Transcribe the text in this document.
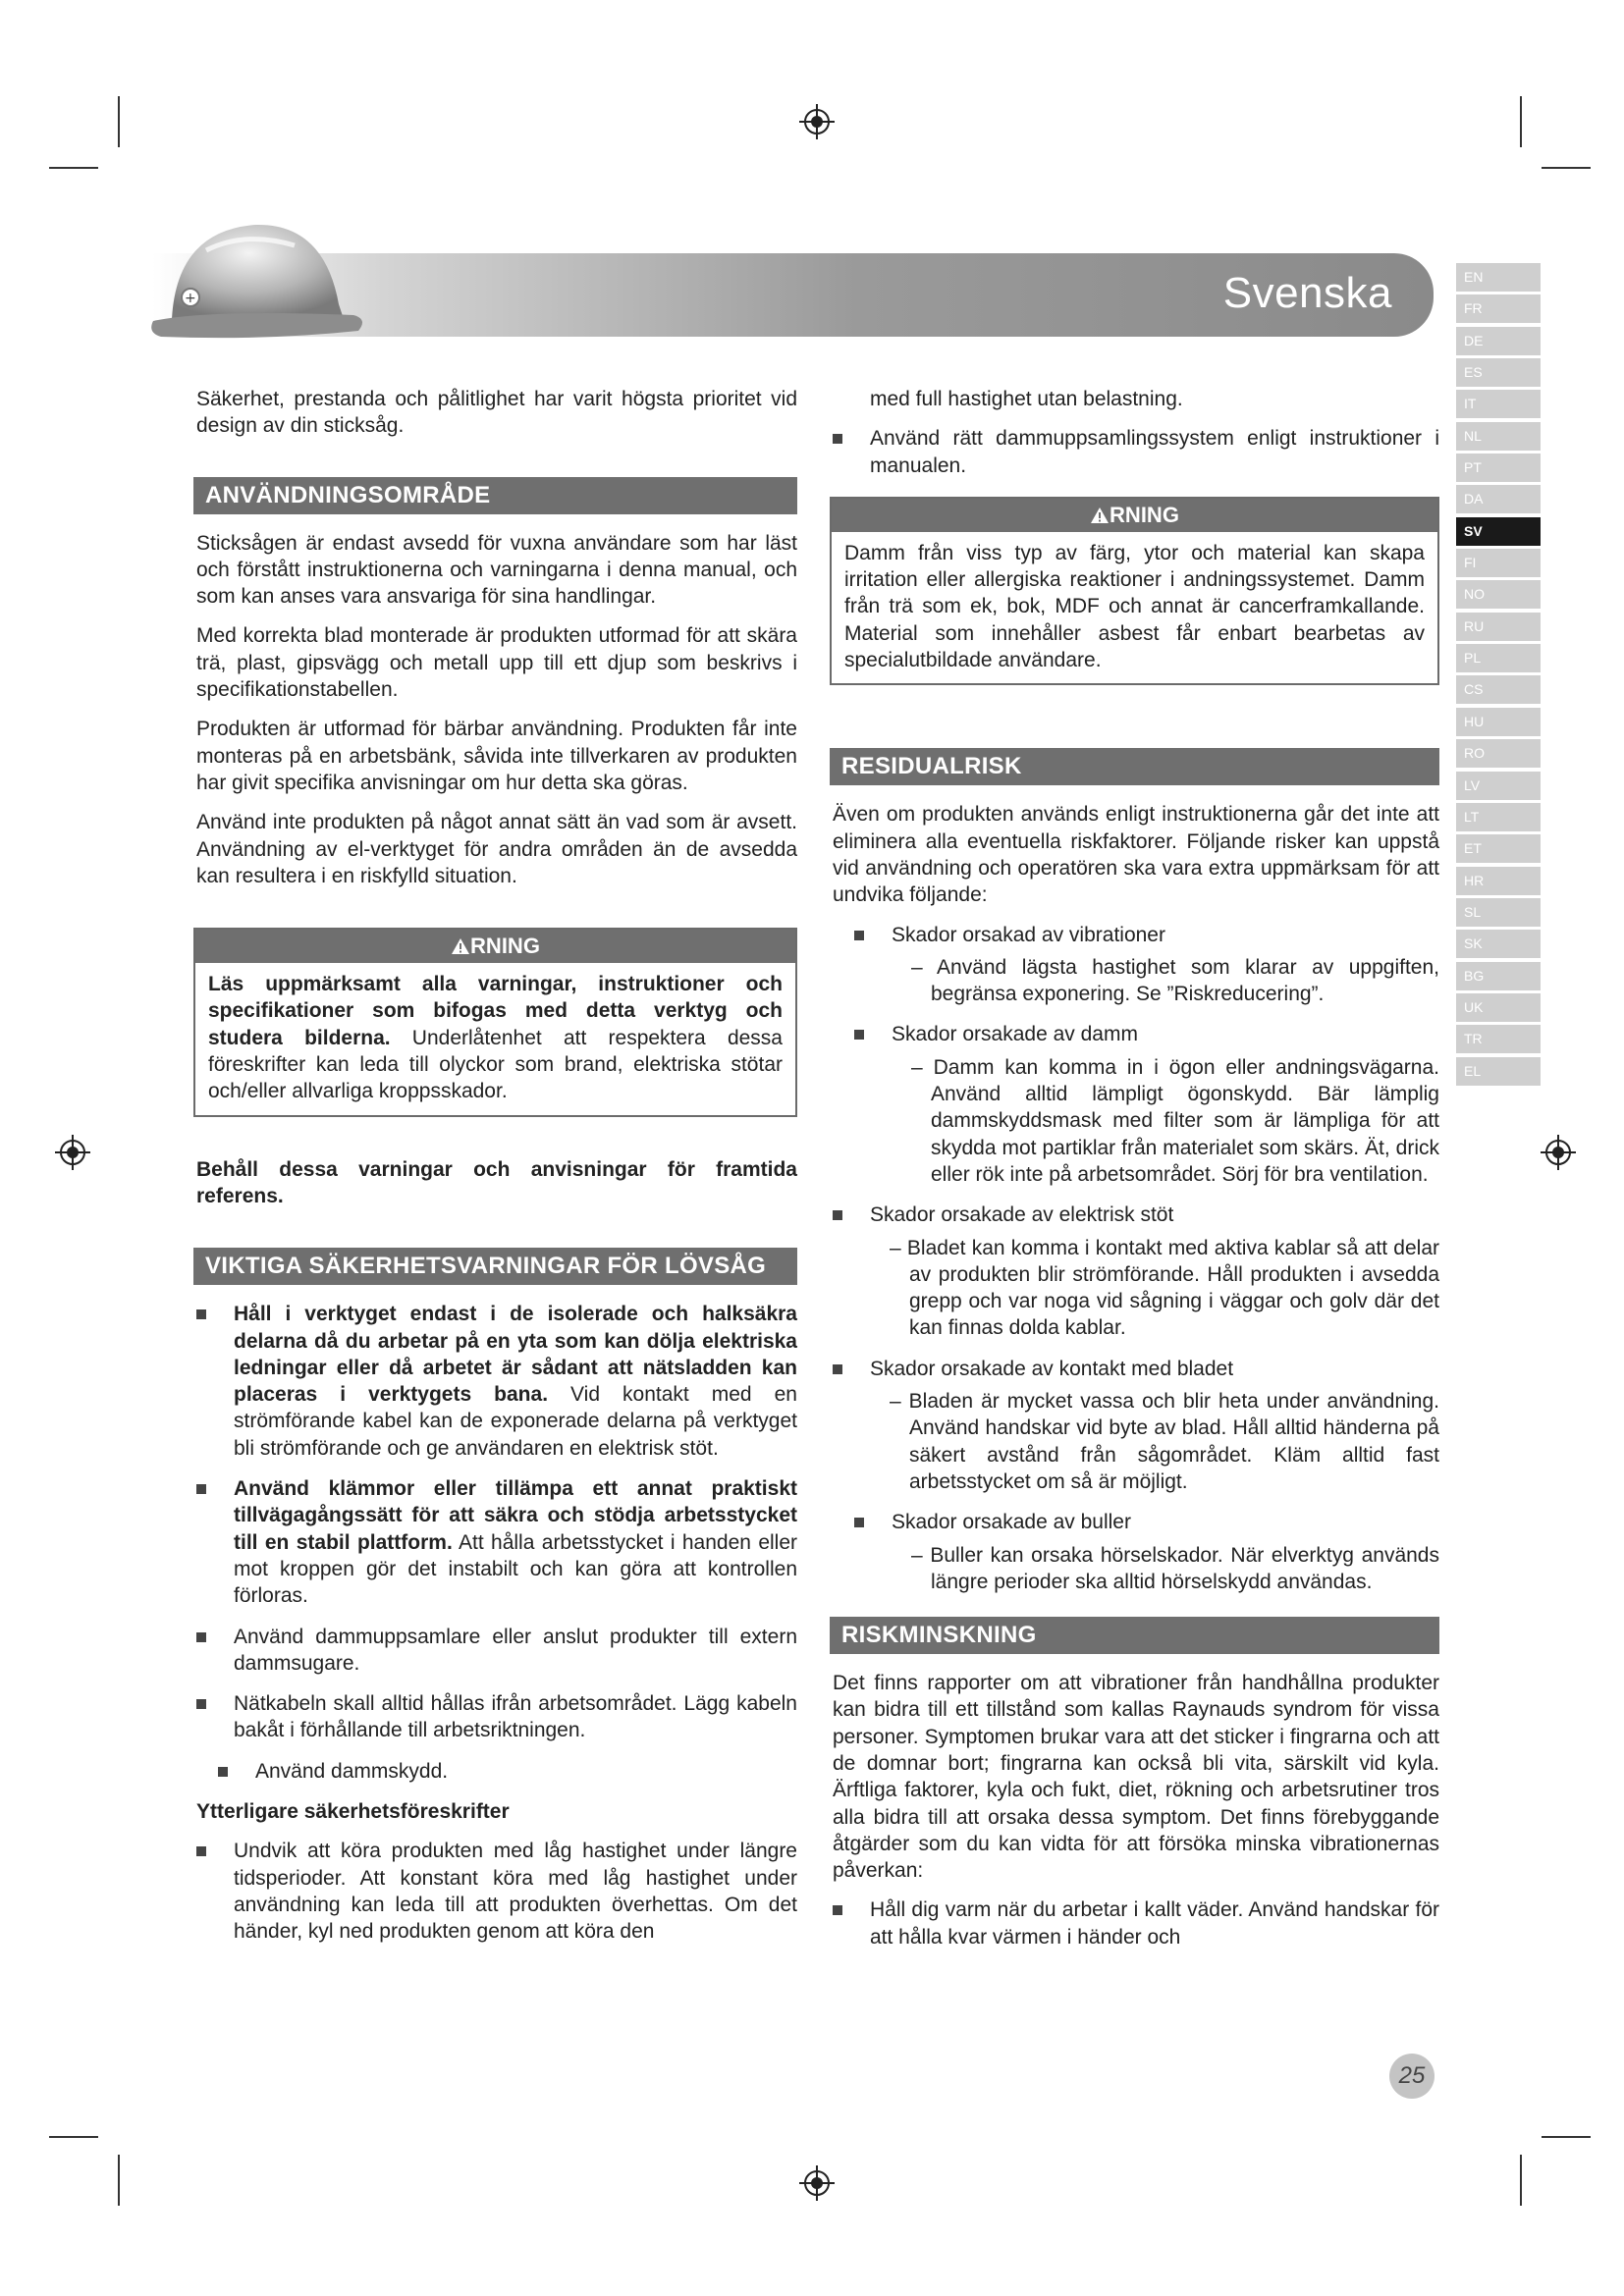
Svenska
+
EN
FR
DE
ES
IT
NL
PT
DA
SV
FI
NO
RU
PL
CS
HU
RO
LV
LT
ET
HR
SL
SK
BG
UK
TR
EL

Säkerhet, prestanda och pålitlighet har varit högsta prioritet vid design av din sticksåg.

ANVÄNDNINGSOMRÅDE

Sticksågen är endast avsedd för vuxna användare som har läst och förstått instruktionerna och varningarna i denna manual, och som kan anses vara ansvariga för sina handlingar.

Med korrekta blad monterade är produkten utformad för att skära trä, plast, gipsvägg och metall upp till ett djup som beskrivs i specifikationstabellen.

Produkten är utformad för bärbar användning. Produkten får inte monteras på en arbetsbänk, såvida inte tillverkaren av produkten har givit specifika anvisningar om hur detta ska göras.

Använd inte produkten på något annat sätt än vad som är avsett. Användning av el-verktyget för andra områden än de avsedda kan resultera i en riskfylld situation.

RNING
Läs uppmärksamt alla varningar, instruktioner och specifikationer som bifogas med detta verktyg och studera bilderna. Underlåtenhet att respektera dessa föreskrifter kan leda till olyckor som brand, elektriska stötar och/eller allvarliga kroppsskador.

Behåll dessa varningar och anvisningar för framtida referens.

VIKTIGA SÄKERHETSVARNINGAR FÖR LÖVSÅG
Håll i verktyget endast i de isolerade och halksäkra delarna då du arbetar på en yta som kan dölja elektriska ledningar eller då arbetet är sådant att nätsladden kan placeras i verktygets bana. Vid kontakt med en strömförande kabel kan de exponerade delarna på verktyget bli strömförande och ge användaren en elektrisk stöt.
Använd klämmor eller tillämpa ett annat praktiskt tillvägagångssätt för att säkra och stödja arbetsstycket till en stabil plattform. Att hålla arbetsstycket i handen eller mot kroppen gör det instabilt och kan göra att kontrollen förloras.
Använd dammuppsamlare eller anslut produkter till extern dammsugare.
Nätkabeln skall alltid hållas ifrån arbetsområdet. Lägg kabeln bakåt i förhållande till arbetsriktningen.
Använd dammskydd.

Ytterligare säkerhetsföreskrifter

Undvik att köra produkten med låg hastighet under längre tidsperioder. Att konstant köra med låg hastighet under användning kan leda till att produkten överhettas. Om det händer, kyl ned produkten genom att köra den

med full hastighet utan belastning.

Använd rätt dammuppsamlingssystem enligt instruktioner i manualen.
RNING
Damm från viss typ av färg, ytor och material kan skapa irritation eller allergiska reaktioner i andningssystemet. Damm från trä som ek, bok, MDF och annat är cancerframkallande. Material som innehåller asbest får enbart bearbetas av specialutbildade användare.
RESIDUALRISK

Även om produkten används enligt instruktionerna går det inte att eliminera alla eventuella riskfaktorer. Följande risker kan uppstå vid användning och operatören ska vara extra uppmärksam för att undvika följande:

Skador orsakad av vibrationer
– Använd lägsta hastighet som klarar av uppgiften, begränsa exponering. Se ”Riskreducering”.
Skador orsakade av damm
– Damm kan komma in i ögon eller andningsvägarna. Använd alltid lämpligt ögonskydd. Bär lämplig dammskyddsmask med filter som är lämpliga för att skydda mot partiklar från materialet som skärs. Ät, drick eller rök inte på arbetsområdet. Sörj för bra ventilation.
Skador orsakade av elektrisk stöt
– Bladet kan komma i kontakt med aktiva kablar så att delar av produkten blir strömförande. Håll produkten i avsedda grepp och var noga vid sågning i väggar och golv där det kan finnas dolda kablar.
Skador orsakade av kontakt med bladet
– Bladen är mycket vassa och blir heta under användning. Använd handskar vid byte av blad. Håll alltid händerna på säkert avstånd från sågområdet. Kläm alltid fast arbetsstycket om så är möjligt.
Skador orsakade av buller
– Buller kan orsaka hörselskador. När elverktyg används längre perioder ska alltid hörselskydd användas.
RISKMINSKNING

Det finns rapporter om att vibrationer från handhållna produkter kan bidra till ett tillstånd som kallas Raynauds syndrom för vissa personer. Symptomen brukar vara att det sticker i fingrarna och att de domnar bort; fingrarna kan också bli vita, särskilt vid kyla. Ärftliga faktorer, kyla och fukt, diet, rökning och arbetsrutiner tros alla bidra till att orsaka dessa symptom. Det finns förebyggande åtgärder som du kan vidta för att försöka minska vibrationernas påverkan:

Håll dig varm när du arbetar i kallt väder. Använd handskar för att hålla kvar värmen i händer och
25
